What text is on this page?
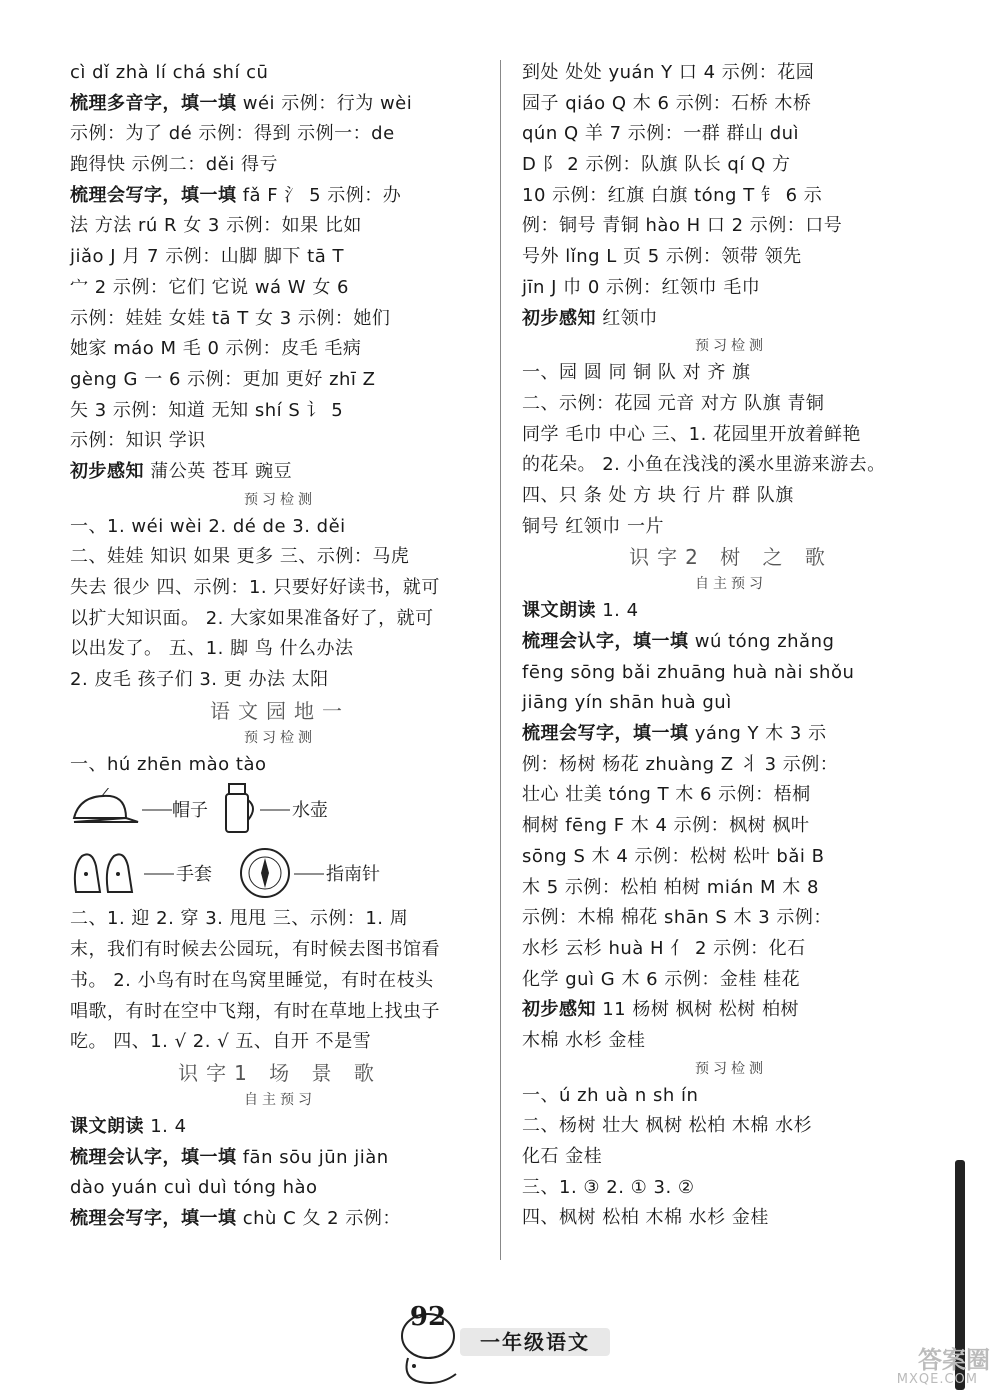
cì dǐ zhà lí chá shí cū
梳理多音字，填一填 wéi 示例：行为 wèi
示例：为了 dé 示例：得到 示例一：de
跑得快 示例二：děi 得亏
梳理会写字，填一填 fǎ F 氵 5 示例：办
法 方法 rú R 女 3 示例：如果 比如
jiǎo J 月 7 示例：山脚 脚下 tā T
宀 2 示例：它们 它说 wá W 女 6
示例：娃娃 女娃 tā T 女 3 示例：她们
她家 máo M 毛 0 示例：皮毛 毛病
gèng G 一 6 示例：更加 更好 zhī Z
矢 3 示例：知道 无知 shí S 讠 5
示例：知识 学识
初步感知 蒲公英 苍耳 豌豆
预习检测
一、1. wéi wèi 2. dé de 3. děi
二、娃娃 知识 如果 更多 三、示例：马虎
失去 很少 四、示例：1. 只要好好读书，就可
以扩大知识面。 2. 大家如果准备好了，就可
以出发了。 五、1. 脚 鸟 什么办法
2. 皮毛 孩子们 3. 更 办法 太阳
语文园地一
预习检测
一、hú zhēn mào tào
帽子	水壶
手套	指南针
二、1. 迎 2. 穿 3. 甩甩 三、示例：1. 周
末，我们有时候去公园玩，有时候去图书馆看
书。 2. 小鸟有时在鸟窝里睡觉，有时在枝头
唱歌，有时在空中飞翔，有时在草地上找虫子
吃。 四、1. √ 2. √ 五、自开 不是雪
识字1 场 景 歌
自主预习
课文朗读 1. 4
梳理会认字，填一填 fān sōu jūn jiàn
dào yuán cuì duì tóng hào
梳理会写字，填一填 chù C 夂 2 示例：
到处 处处 yuán Y 口 4 示例：花园
园子 qiáo Q 木 6 示例：石桥 木桥
qún Q 羊 7 示例：一群 群山 duì
D 阝 2 示例：队旗 队长 qí Q 方
10 示例：红旗 白旗 tóng T 钅 6 示
例：铜号 青铜 hào H 口 2 示例：口号
号外 lǐng L 页 5 示例：领带 领先
jīn J 巾 0 示例：红领巾 毛巾
初步感知 红领巾
预习检测
一、园 圆 同 铜 队 对 齐 旗
二、示例：花园 元音 对方 队旗 青铜
同学 毛巾 中心 三、1. 花园里开放着鲜艳
的花朵。 2. 小鱼在浅浅的溪水里游来游去。
四、只 条 处 方 块 行 片 群 队旗
铜号 红领巾 一片
识字2 树 之 歌
自主预习
课文朗读 1. 4
梳理会认字，填一填 wú tóng zhǎng
fēng sōng bǎi zhuāng huà nài shǒu
jiāng yín shān huà guì
梳理会写字，填一填 yáng Y 木 3 示
例：杨树 杨花 zhuàng Z 丬 3 示例：
壮心 壮美 tóng T 木 6 示例：梧桐
桐树 fēng F 木 4 示例：枫树 枫叶
sōng S 木 4 示例：松树 松叶 bǎi B
木 5 示例：松柏 柏树 mián M 木 8
示例：木棉 棉花 shān S 木 3 示例：
水杉 云杉 huà H 亻 2 示例：化石
化学 guì G 木 6 示例：金桂 桂花
初步感知 11 杨树 枫树 松树 柏树
木棉 水杉 金桂
预习检测
一、ú zh uà n sh ín
二、杨树 壮大 枫树 松柏 木棉 水杉
化石 金桂
三、1. ③ 2. ① 3. ②
四、枫树 松柏 木棉 水杉 金桂
92
一年级语文
答案圈
MXQE.COM
